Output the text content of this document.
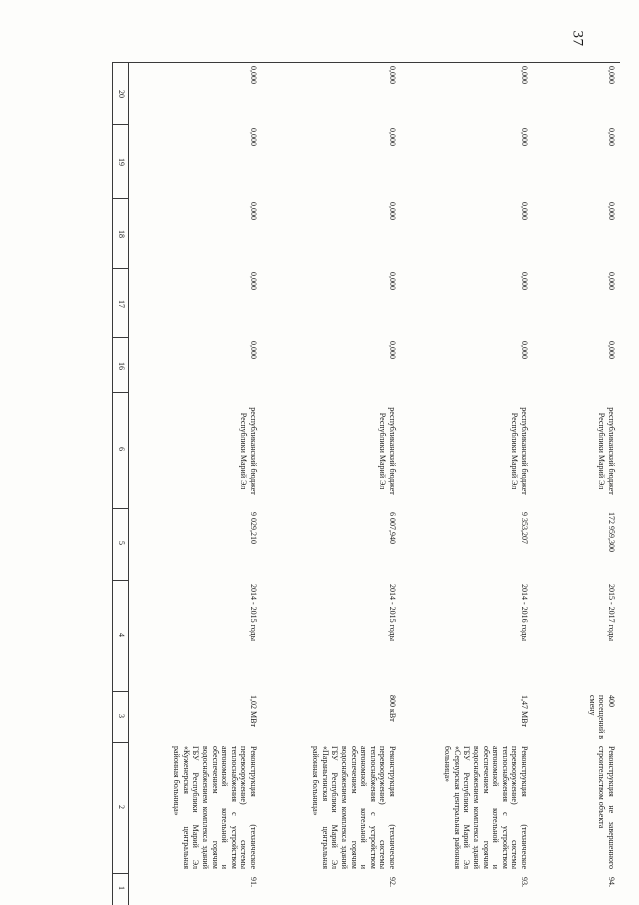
37
1
2
3
4
5
6
16
17
18
19
20
91.
Реконструкция (техническое перевооружение) системы теплоснабжения с устройством автономной котельной и обеспечением горячим водоснабжением комплекса зданий ГБУ Республики Марий Эл «Куженерская центральная районная больница»
1,02 МВт
2014 - 2015 годы
9 029,210
республиканский бюджет Республики Марий Эл
0,000
0,000
0,000
0,000
0,000
92.
Реконструкция (техническое перевооружение) системы теплоснабжения с устройством автономной котельной и обеспечением горячим водоснабжением комплекса зданий ГБУ Республики Марий Эл «Параньгинская центральная районная больница»
800 кВт
2014 - 2015 годы
6 007,940
республиканский бюджет Республики Марий Эл
0,000
0,000
0,000
0,000
0,000
93.
Реконструкция (техническое перевооружение) системы теплоснабжения с устройством автономной котельной и обеспечением горячим водоснабжением комплекса зданий ГБУ Республики Марий Эл «Сернурская центральная районная больница»
1,47 МВт
2014 - 2016 годы
9 353,207
республиканский бюджет Республики Марий Эл
0,000
0,000
0,000
0,000
0,000
94.
Реконструкция не завершенного строительством объекта
400 посещений в смену
2015 - 2017 годы
172 959,300
республиканский бюджет Республики Марий Эл
0,000
0,000
0,000
0,000
0,000
